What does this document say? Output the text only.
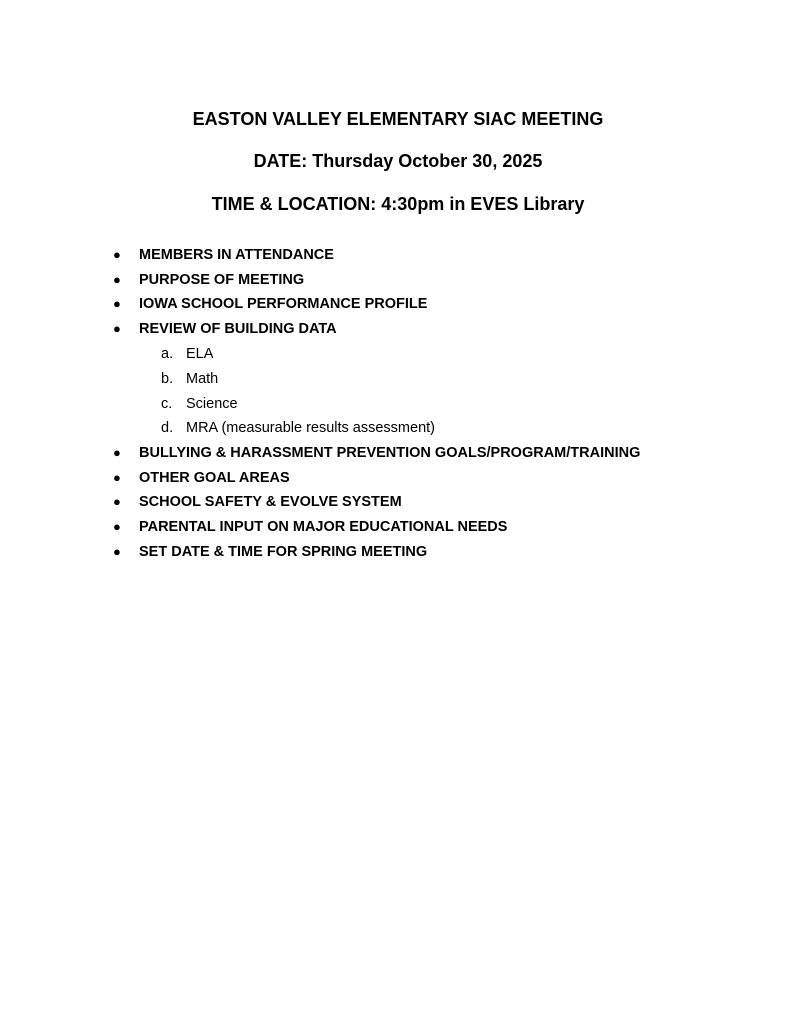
EASTON VALLEY ELEMENTARY SIAC MEETING
DATE: Thursday October 30, 2025
TIME & LOCATION: 4:30pm in EVES Library
● MEMBERS IN ATTENDANCE
● PURPOSE OF MEETING
● IOWA SCHOOL PERFORMANCE PROFILE
● REVIEW OF BUILDING DATA
a. ELA
b. Math
c. Science
d. MRA (measurable results assessment)
● BULLYING & HARASSMENT PREVENTION GOALS/PROGRAM/TRAINING
● OTHER GOAL AREAS
● SCHOOL SAFETY & EVOLVE SYSTEM
● PARENTAL INPUT ON MAJOR EDUCATIONAL NEEDS
● SET DATE & TIME FOR SPRING MEETING
